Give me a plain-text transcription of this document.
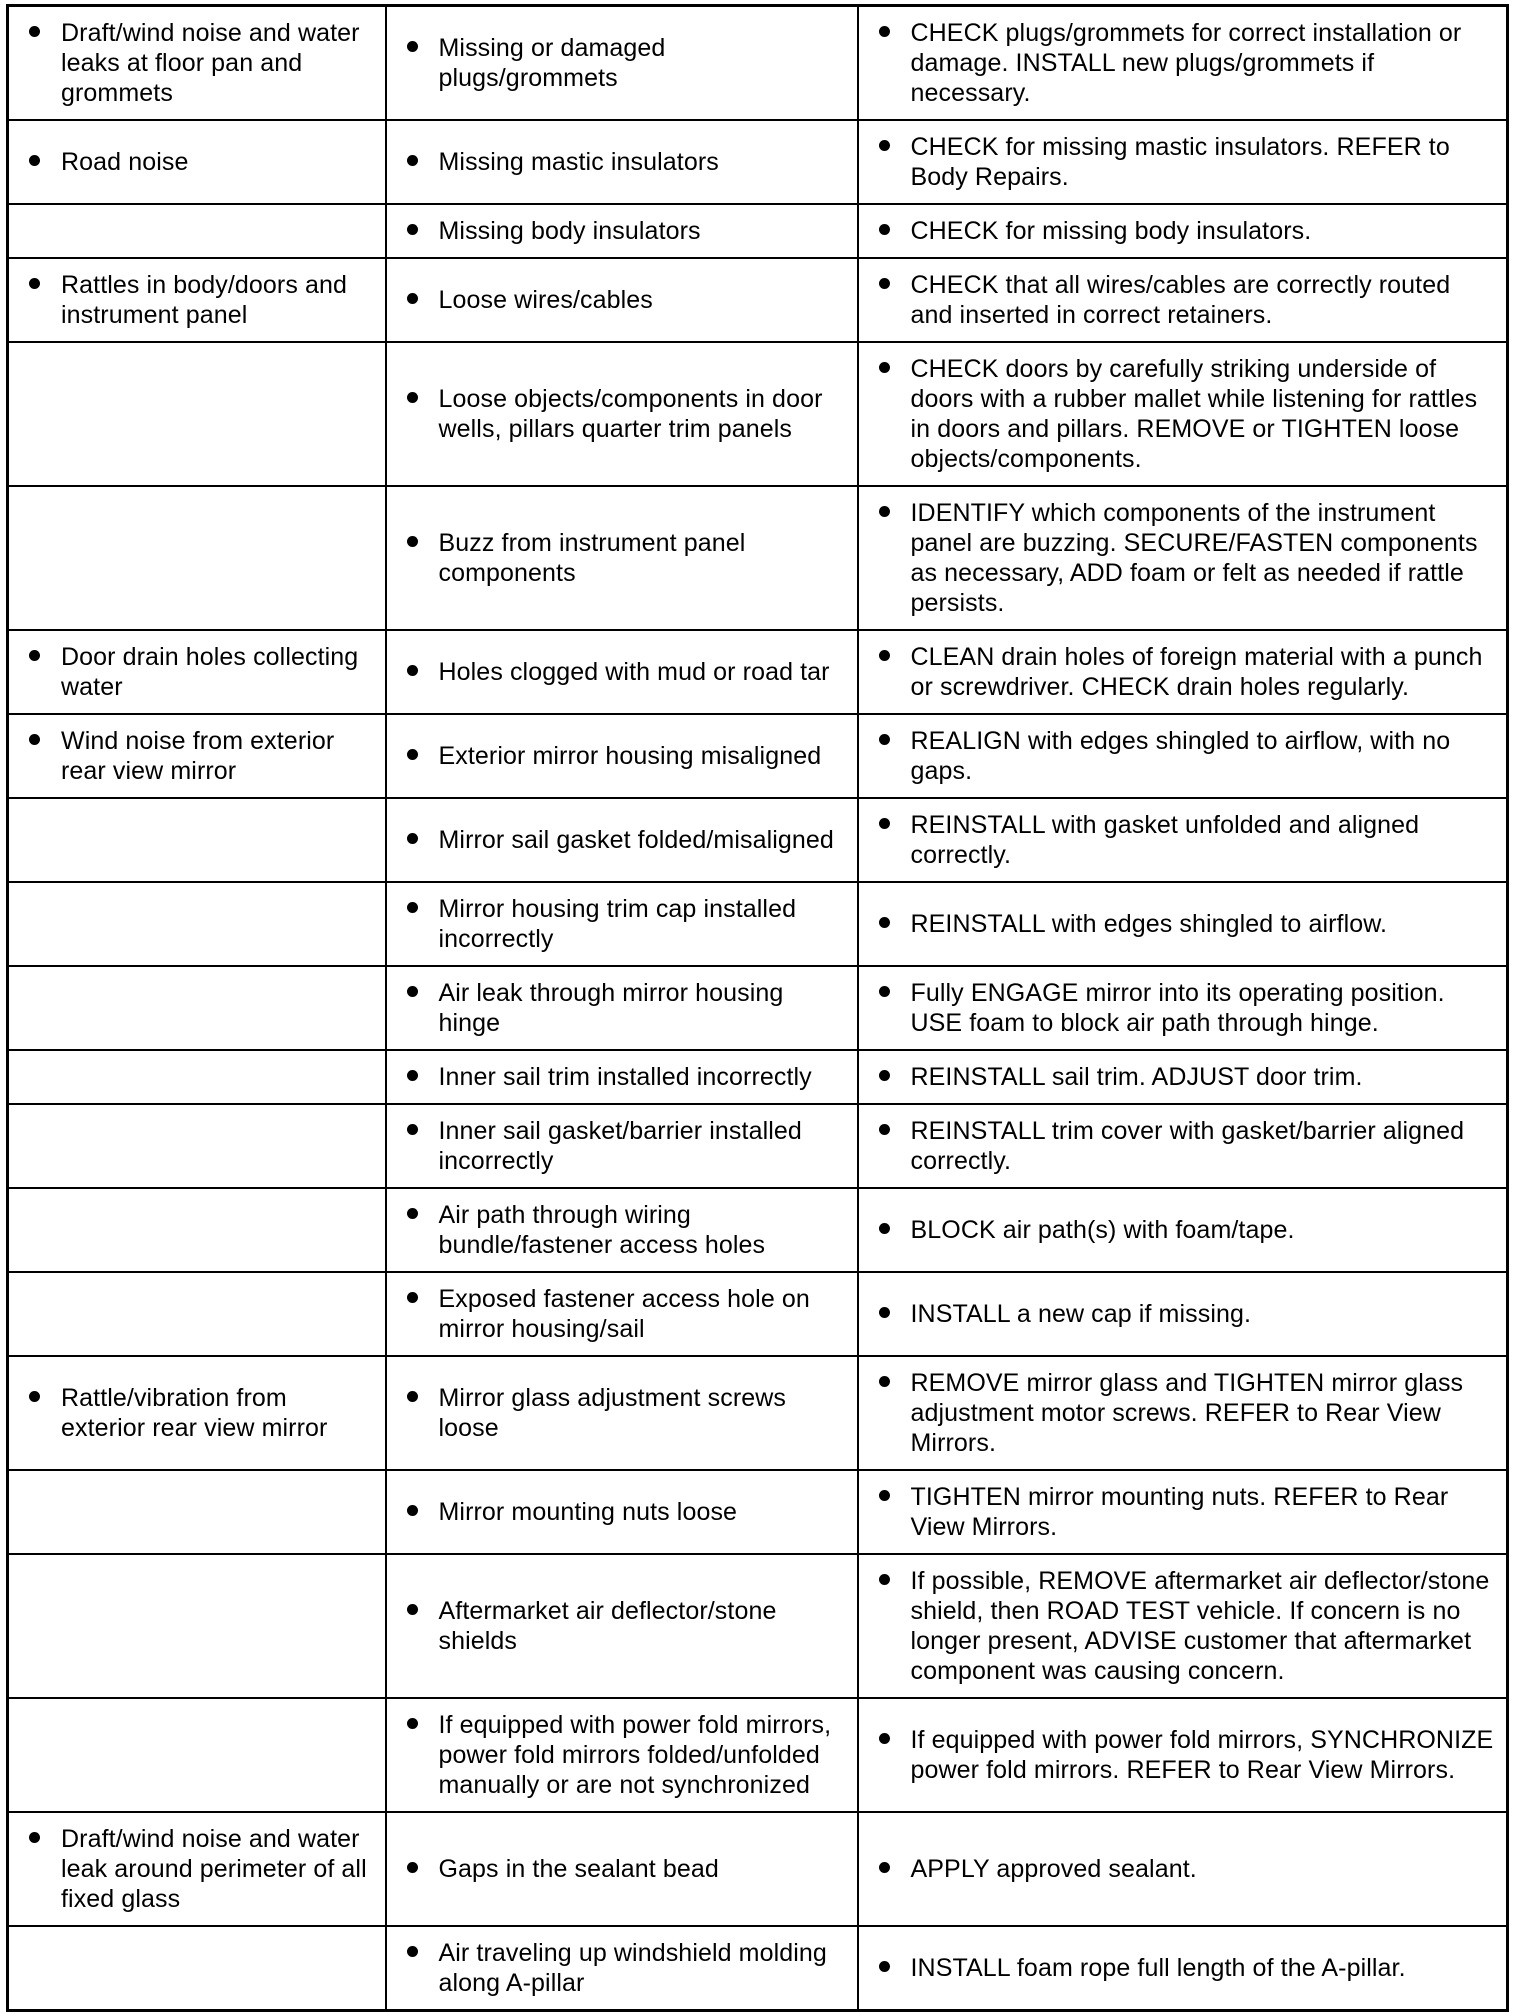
Draft/wind noise and water leaks at floor pan and grommets	Missing or damaged plugs/grommets	CHECK plugs/grommets for correct installation or damage. INSTALL new plugs/grommets if necessary.

Road noise	Missing mastic insulators	CHECK for missing mastic insulators. REFER to Body Repairs.

	Missing body insulators	CHECK for missing body insulators.

Rattles in body/doors and instrument panel	Loose wires/cables	CHECK that all wires/cables are correctly routed and inserted in correct retainers.

	Loose objects/components in door wells, pillars quarter trim panels	CHECK doors by carefully striking underside of doors with a rubber mallet while listening for rattles in doors and pillars. REMOVE or TIGHTEN loose objects/components.

	Buzz from instrument panel components	IDENTIFY which components of the instrument panel are buzzing. SECURE/FASTEN components as necessary, ADD foam or felt as needed if rattle persists.

Door drain holes collecting water	Holes clogged with mud or road tar	CLEAN drain holes of foreign material with a punch or screwdriver. CHECK drain holes regularly.

Wind noise from exterior rear view mirror	Exterior mirror housing misaligned	REALIGN with edges shingled to airflow, with no gaps.

	Mirror sail gasket folded/misaligned	REINSTALL with gasket unfolded and aligned correctly.

	Mirror housing trim cap installed incorrectly	REINSTALL with edges shingled to airflow.

	Air leak through mirror housing hinge	Fully ENGAGE mirror into its operating position. USE foam to block air path through hinge.

	Inner sail trim installed incorrectly	REINSTALL sail trim. ADJUST door trim.

	Inner sail gasket/barrier installed incorrectly	REINSTALL trim cover with gasket/barrier aligned correctly.

	Air path through wiring bundle/fastener access holes	BLOCK air path(s) with foam/tape.

	Exposed fastener access hole on mirror housing/sail	INSTALL a new cap if missing.

Rattle/vibration from exterior rear view mirror	Mirror glass adjustment screws loose	REMOVE mirror glass and TIGHTEN mirror glass adjustment motor screws. REFER to Rear View Mirrors.

	Mirror mounting nuts loose	TIGHTEN mirror mounting nuts. REFER to Rear View Mirrors.

	Aftermarket air deflector/stone shields	If possible, REMOVE aftermarket air deflector/stone shield, then ROAD TEST vehicle. If concern is no longer present, ADVISE customer that aftermarket component was causing concern.

	If equipped with power fold mirrors, power fold mirrors folded/unfolded manually or are not synchronized	If equipped with power fold mirrors, SYNCHRONIZE power fold mirrors. REFER to Rear View Mirrors.

Draft/wind noise and water leak around perimeter of all fixed glass	Gaps in the sealant bead	APPLY approved sealant.

	Air traveling up windshield molding along A-pillar	INSTALL foam rope full length of the A-pillar.
